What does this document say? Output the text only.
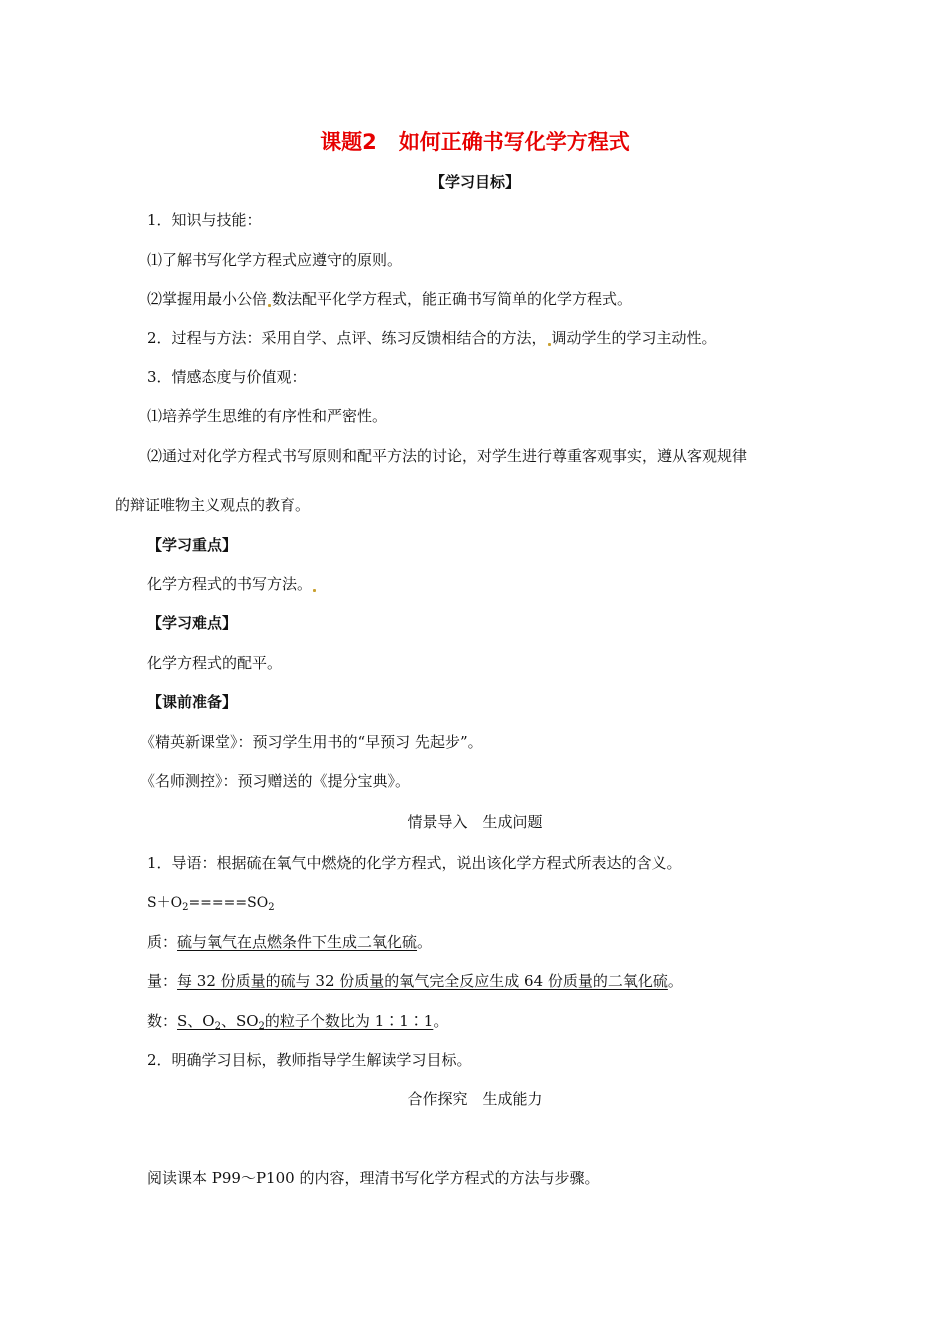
课题2 如何正确书写化学方程式
【学习目标】
1．知识与技能：
⑴了解书写化学方程式应遵守的原则。
⑵掌握用最小公倍 数法配平化学方程式，能正确书写简单的化学方程式。
2．过程与方法：采用自学、点评、练习反馈相结合的方法， 调动学生的学习主动性。
3．情感态度与价值观：
⑴培养学生思维的有序性和严密性。
⑵通过对化学方程式书写原则和配平方法的讨论，对学生进行尊重客观事实，遵从客观规律
的辩证唯物主义观点的教育。
【学习重点】
化学方程式的书写方法。
【学习难点】
化学方程式的配平。
【课前准备】
《精英新课堂》：预习学生用书的“早预习 先起步”。
《名师测控》：预习赠送的《提分宝典》。
情景导入　生成问题
1．导语：根据硫在氧气中燃烧的化学方程式，说出该化学方程式所表达的含义。
$S+O_2=====SO_2$
质：硫与氧气在点燃条件下生成二氧化硫。
量：每 32 份质量的硫与 32 份质量的氧气完全反应生成 64 份质量的二氧化硫。
数：S、$O_2$、$SO_2$的粒子个数比为 1∶1∶1。
2．明确学习目标，教师指导学生解读学习目标。
合作探究　生成能力
阅读课本 P99～P100 的内容，理清书写化学方程式的方法与步骤。
